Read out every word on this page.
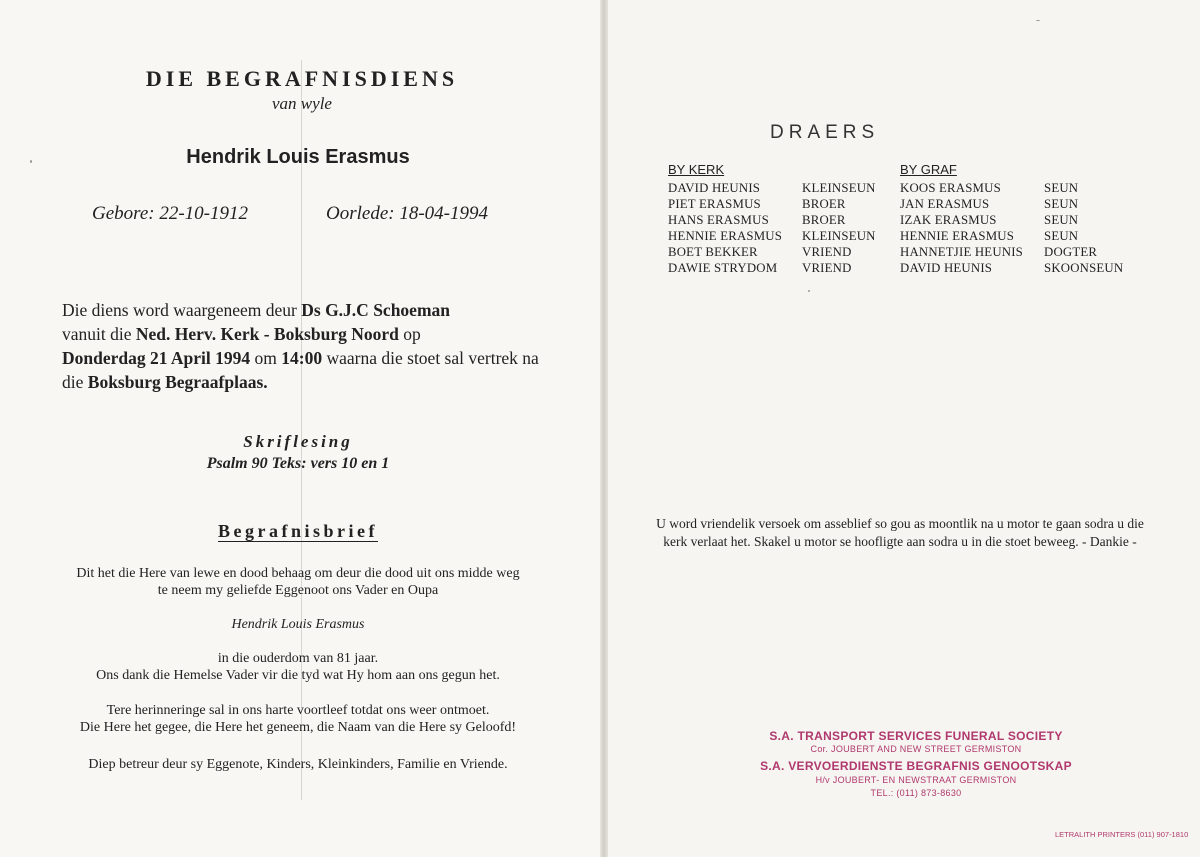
DIE BEGRAFNISDIENS
van wyle
Hendrik Louis Erasmus
Gebore: 22-10-1912	Oorlede: 18-04-1994
Die diens word waargeneem deur Ds G.J.C Schoeman
vanuit die Ned. Herv. Kerk - Boksburg Noord op
Donderdag 21 April 1994 om 14:00 waarna die stoet sal vertrek na die Boksburg Begraafplaas.
Skriflesing
Psalm 90 Teks: vers 10 en 1
Begrafnisbrief
Dit het die Here van lewe en dood behaag om deur die dood uit ons midde weg
te neem my geliefde Eggenoot ons Vader en Oupa
Hendrik Louis Erasmus
in die ouderdom van 81 jaar.
Ons dank die Hemelse Vader vir die tyd wat Hy hom aan ons gegun het.
Tere herinneringe sal in ons harte voortleef totdat ons weer ontmoet.
Die Here het gegee, die Here het geneem, die Naam van die Here sy Geloofd!
Diep betreur deur sy Eggenote, Kinders, Kleinkinders, Familie en Vriende.
DRAERS
BY KERK	BY GRAF
DAVID HEUNIS	KLEINSEUN
PIET ERASMUS	BROER
HANS ERASMUS	BROER
HENNIE ERASMUS KLEINSEUN
BOET BEKKER	VRIEND
DAWIE STRYDOM VRIEND
KOOS ERASMUS	SEUN
JAN ERASMUS	SEUN
IZAK ERASMUS	SEUN
HENNIE ERASMUS SEUN
HANNETJIE HEUNIS DOGTER
DAVID HEUNIS	SKOONSEUN
U word vriendelik versoek om asseblief so gou as moontlik na u motor te gaan sodra u die kerk verlaat het. Skakel u motor se hoofligte aan sodra u in die stoet beweeg. - Dankie -
S.A. TRANSPORT SERVICES FUNERAL SOCIETY
Cor. JOUBERT AND NEW STREET GERMISTON
S.A. VERVOERDIENSTE BEGRAFNIS GENOOTSKAP
H/v JOUBERT- EN NEWSTRAAT GERMISTON
TEL.: (011) 873-8630
LETRALITH PRINTERS (011) 907-1810
